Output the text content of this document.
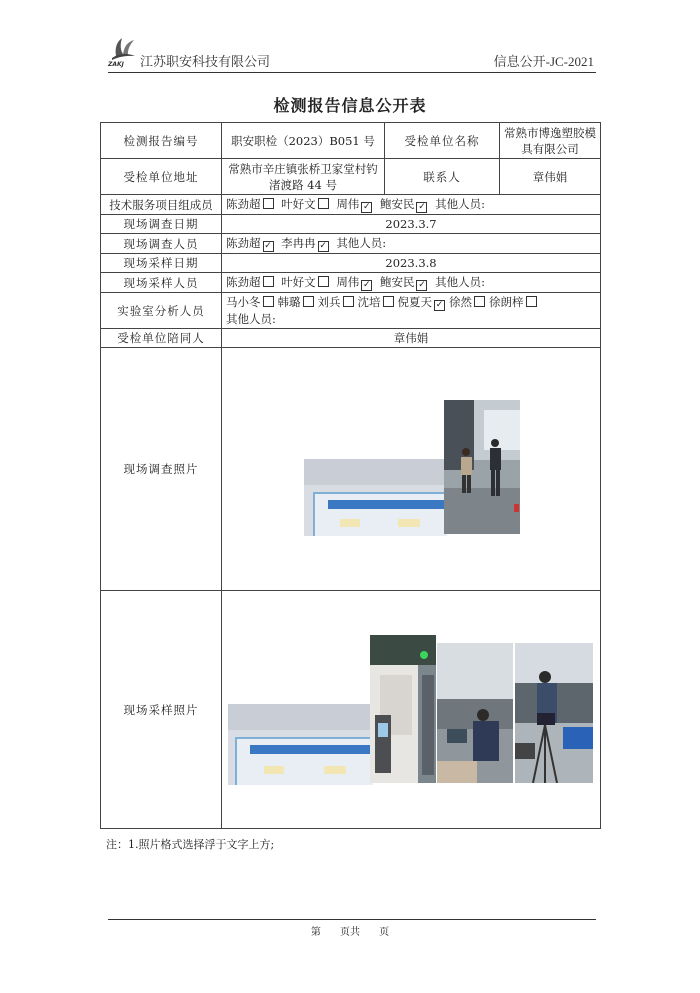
ZAKJ 江苏职安科技有限公司	信息公开-JC-2021
检测报告信息公开表
检测报告编号	职安职检（2023）B051 号	受检单位名称	常熟市博逸塑胶模具有限公司
受检单位地址	常熟市辛庄镇张桥卫家堂村钓渚渡路 44 号	联系人	章伟娟
技术服务项目组成员	陈劲超 叶好文 周伟 ✓ 鲍安民 ✓ 其他人员:		
现场调查日期	2023.3.7		
现场调查人员	陈劲超 ✓ 李冉冉 ✓ 其他人员:		
现场采样日期	2023.3.8		
现场采样人员	陈劲超 叶好文 周伟 ✓ 鲍安民 ✓ 其他人员:		
实验室分析人员	马小冬 韩璐 刘兵 沈培 倪夏天 ✓ 徐然 徐朗梓
其他人员:		
受检单位陪同人	章伟娟		
现场调查照片	

现场采样照片	
注：1.照片格式选择浮于文字上方;
第 页共 页
